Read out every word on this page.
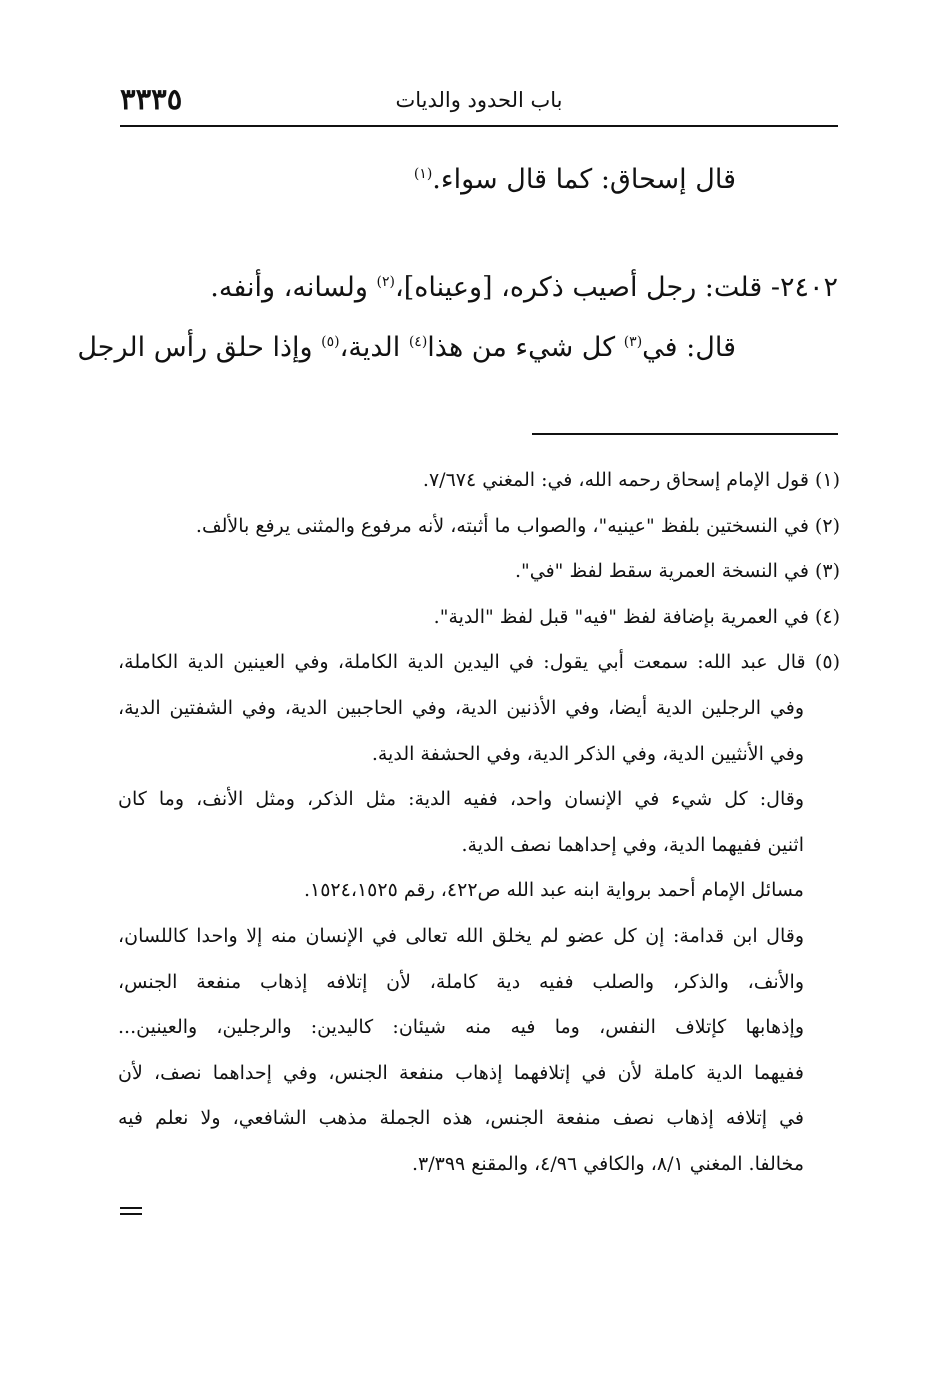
٣٣٣٥	باب الحدود والديات
قال إسحاق: كما قال سواء.$^{(١)}$
٢٤٠٢- قلت: رجل أصيب ذكره، [وعيناه]،$^{(٢)}$ ولسانه، وأنفه.
قال: في$^{(٣)}$ كل شيء من هذا$^{(٤)}$ الدية،$^{(٥)}$ وإذا حلق رأس الرجل
(١) قول الإمام إسحاق رحمه الله، في: المغني ٧/٦٧٤.
(٢) في النسختين بلفظ "عينيه"، والصواب ما أثبته، لأنه مرفوع والمثنى يرفع بالألف.
(٣) في النسخة العمرية سقط لفظ "في".
(٤) في العمرية بإضافة لفظ "فيه" قبل لفظ "الدية".
(٥) قال عبد الله: سمعت أبي يقول: في اليدين الدية الكاملة، وفي العينين الدية الكاملة،
وفي الرجلين الدية أيضا، وفي الأذنين الدية، وفي الحاجبين الدية، وفي الشفتين الدية،
وفي الأنثيين الدية، وفي الذكر الدية، وفي الحشفة الدية.
وقال: كل شيء في الإنسان واحد، ففيه الدية: مثل الذكر، ومثل الأنف، وما كان
اثنين ففيهما الدية، وفي إحداهما نصف الدية.
مسائل الإمام أحمد برواية ابنه عبد الله ص٤٢٢، رقم ١٥٢٤،١٥٢٥.
وقال ابن قدامة: إن كل عضو لم يخلق الله تعالى في الإنسان منه إلا واحدا كاللسان،
والأنف، والذكر، والصلب ففيه دية كاملة، لأن إتلافه إذهاب منفعة الجنس،
وإذهابها كإتلاف النفس، وما فيه منه شيئان: كاليدين: والرجلين، والعينين...
ففيهما الدية كاملة لأن في إتلافهما إذهاب منفعة الجنس، وفي إحداهما نصف، لأن
في إتلافه إذهاب نصف منفعة الجنس، هذه الجملة مذهب الشافعي، ولا نعلم فيه
مخالفا. المغني ٨/١، والكافي ٤/٩٦، والمقنع ٣/٣٩٩.
